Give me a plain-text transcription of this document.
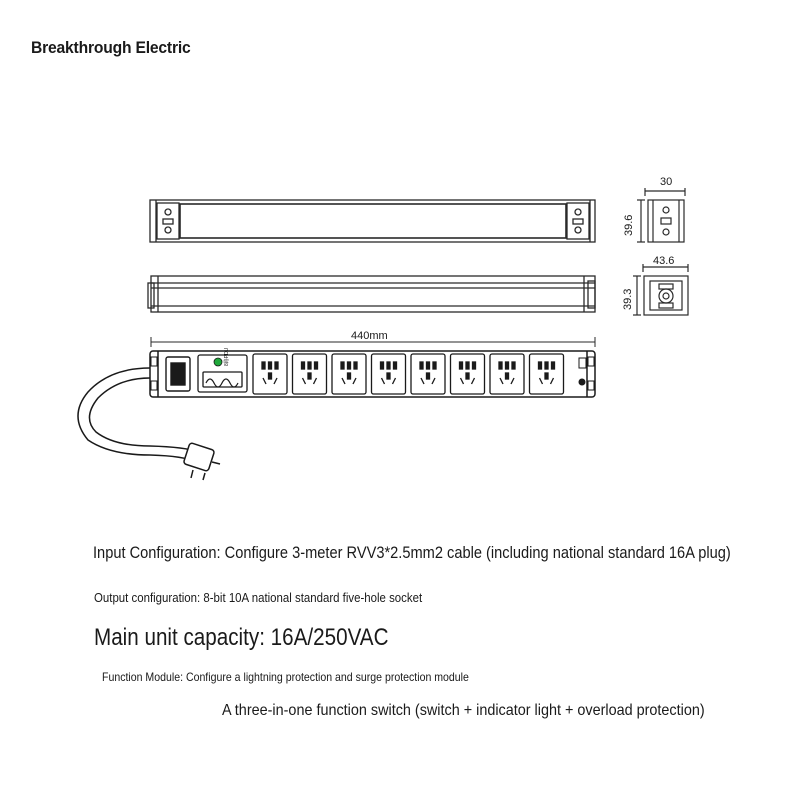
Breakthrough Electric
30
39.6
43.6
39.3
440mm
8路PDU
Input Configuration: Configure 3-meter RVV3*2.5mm2 cable (including national standard 16A plug)
Output configuration: 8-bit 10A national standard five-hole socket
Main unit capacity: 16A/250VAC
Function Module: Configure a lightning protection and surge protection module
A three-in-one function switch (switch + indicator light + overload protection)
